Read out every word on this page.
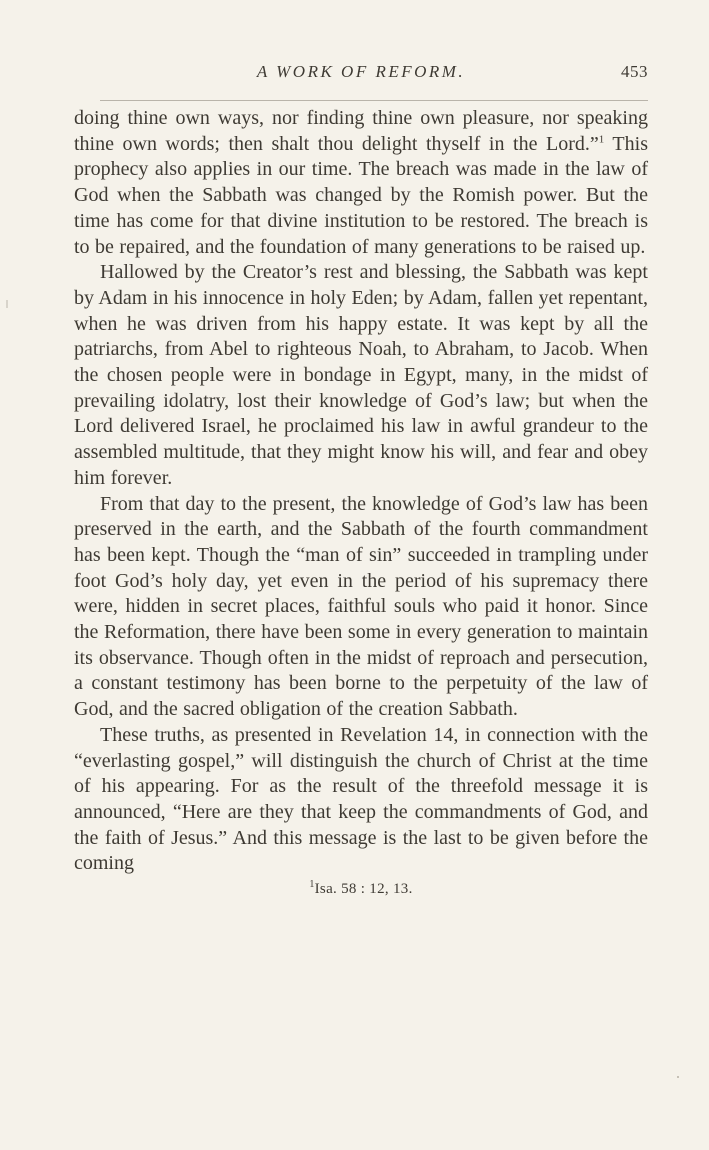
A WORK OF REFORM.	453

doing thine own ways, nor finding thine own pleasure, nor speaking thine own words; then shalt thou delight thyself in the Lord.”$^1$ This prophecy also applies in our time. The breach was made in the law of God when the Sabbath was changed by the Romish power. But the time has come for that divine institution to be restored. The breach is to be repaired, and the foundation of many generations to be raised up.

Hallowed by the Creator’s rest and blessing, the Sabbath was kept by Adam in his innocence in holy Eden; by Adam, fallen yet repentant, when he was driven from his happy estate. It was kept by all the patriarchs, from Abel to righteous Noah, to Abraham, to Jacob. When the chosen people were in bondage in Egypt, many, in the midst of prevailing idolatry, lost their knowledge of God’s law; but when the Lord delivered Israel, he proclaimed his law in awful grandeur to the assembled multitude, that they might know his will, and fear and obey him forever.

From that day to the present, the knowledge of God’s law has been preserved in the earth, and the Sabbath of the fourth commandment has been kept. Though the “man of sin” succeeded in trampling under foot God’s holy day, yet even in the period of his supremacy there were, hidden in secret places, faithful souls who paid it honor. Since the Reformation, there have been some in every generation to maintain its observance. Though often in the midst of reproach and persecution, a constant testimony has been borne to the perpetuity of the law of God, and the sacred obligation of the creation Sabbath.

These truths, as presented in Revelation 14, in connection with the “everlasting gospel,” will distinguish the church of Christ at the time of his appearing. For as the result of the threefold message it is announced, “Here are they that keep the commandments of God, and the faith of Jesus.” And this message is the last to be given before the coming

$^1$Isa. 58 : 12, 13.
